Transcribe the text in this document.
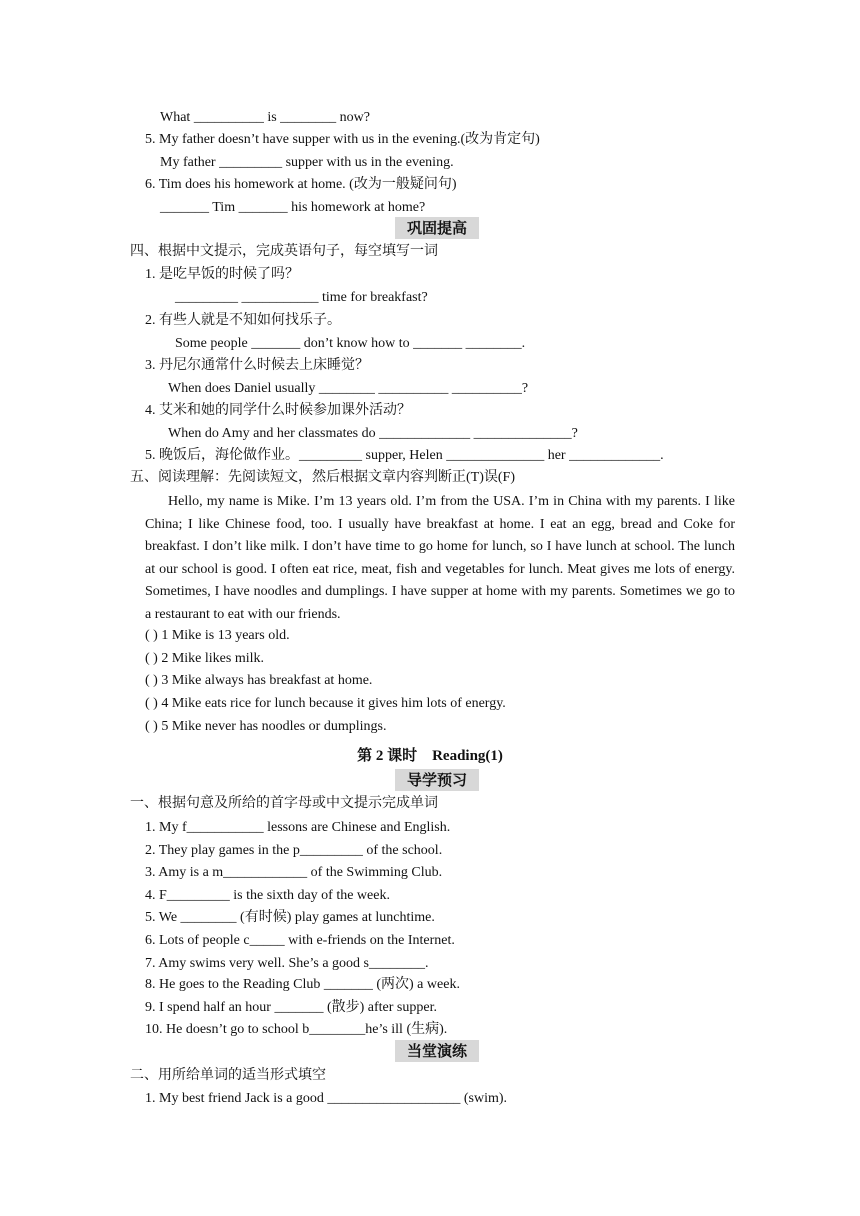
What __________ is ________ now?
5. My father doesn’t have supper with us in the evening.(改为肯定句)
My father _________ supper with us in the evening.
6. Tim does his homework at home. (改为一般疑问句)
_______ Tim _______ his homework at home?
巩固提高
四、根据中文提示，完成英语句子，每空填写一词
1. 是吃早饭的时候了吗？
_________ ___________ time for breakfast?
2. 有些人就是不知如何找乐子。
Some people _______ don’t know how to _______ ________.
3. 丹尼尔通常什么时候去上床睡觉？
When does Daniel usually ________ __________ __________?
4. 艾米和她的同学什么时候参加课外活动？
When do Amy and her classmates do _____________ ______________?
5. 晚饭后，海伦做作业。_________ supper, Helen ______________ her _____________.
五、阅读理解：先阅读短文，然后根据文章内容判断正(T)误(F)
Hello, my name is Mike. I’m 13 years old. I’m from the USA. I’m in China with my parents. I like China; I like Chinese food, too. I usually have breakfast at home. I eat an egg, bread and Coke for breakfast. I don’t like milk. I don’t have time to go home for lunch, so I have lunch at school. The lunch at our school is good. I often eat rice, meat, fish and vegetables for lunch. Meat gives me lots of energy. Sometimes, I have noodles and dumplings. I have supper at home with my parents. Sometimes we go to a restaurant to eat with our friends.
( ) 1 Mike is 13 years old.
( ) 2 Mike likes milk.
( ) 3 Mike always has breakfast at home.
( ) 4 Mike eats rice for lunch because it gives him lots of energy.
( ) 5 Mike never has noodles or dumplings.
第 2 课时　Reading(1)
导学预习
一、根据句意及所给的首字母或中文提示完成单词
1. My f___________ lessons are Chinese and English.
2. They play games in the p_________ of the school.
3. Amy is a m____________ of the Swimming Club.
4. F_________ is the sixth day of the week.
5. We ________ (有时候) play games at lunchtime.
6. Lots of people c_____ with e-friends on the Internet.
7. Amy swims very well. She’s a good s________.
8. He goes to the Reading Club _______ (两次) a week.
9. I spend half an hour _______ (散步) after supper.
10. He doesn’t go to school b________he’s ill (生病).
当堂演练
二、用所给单词的适当形式填空
1. My best friend Jack is a good ___________________ (swim).
